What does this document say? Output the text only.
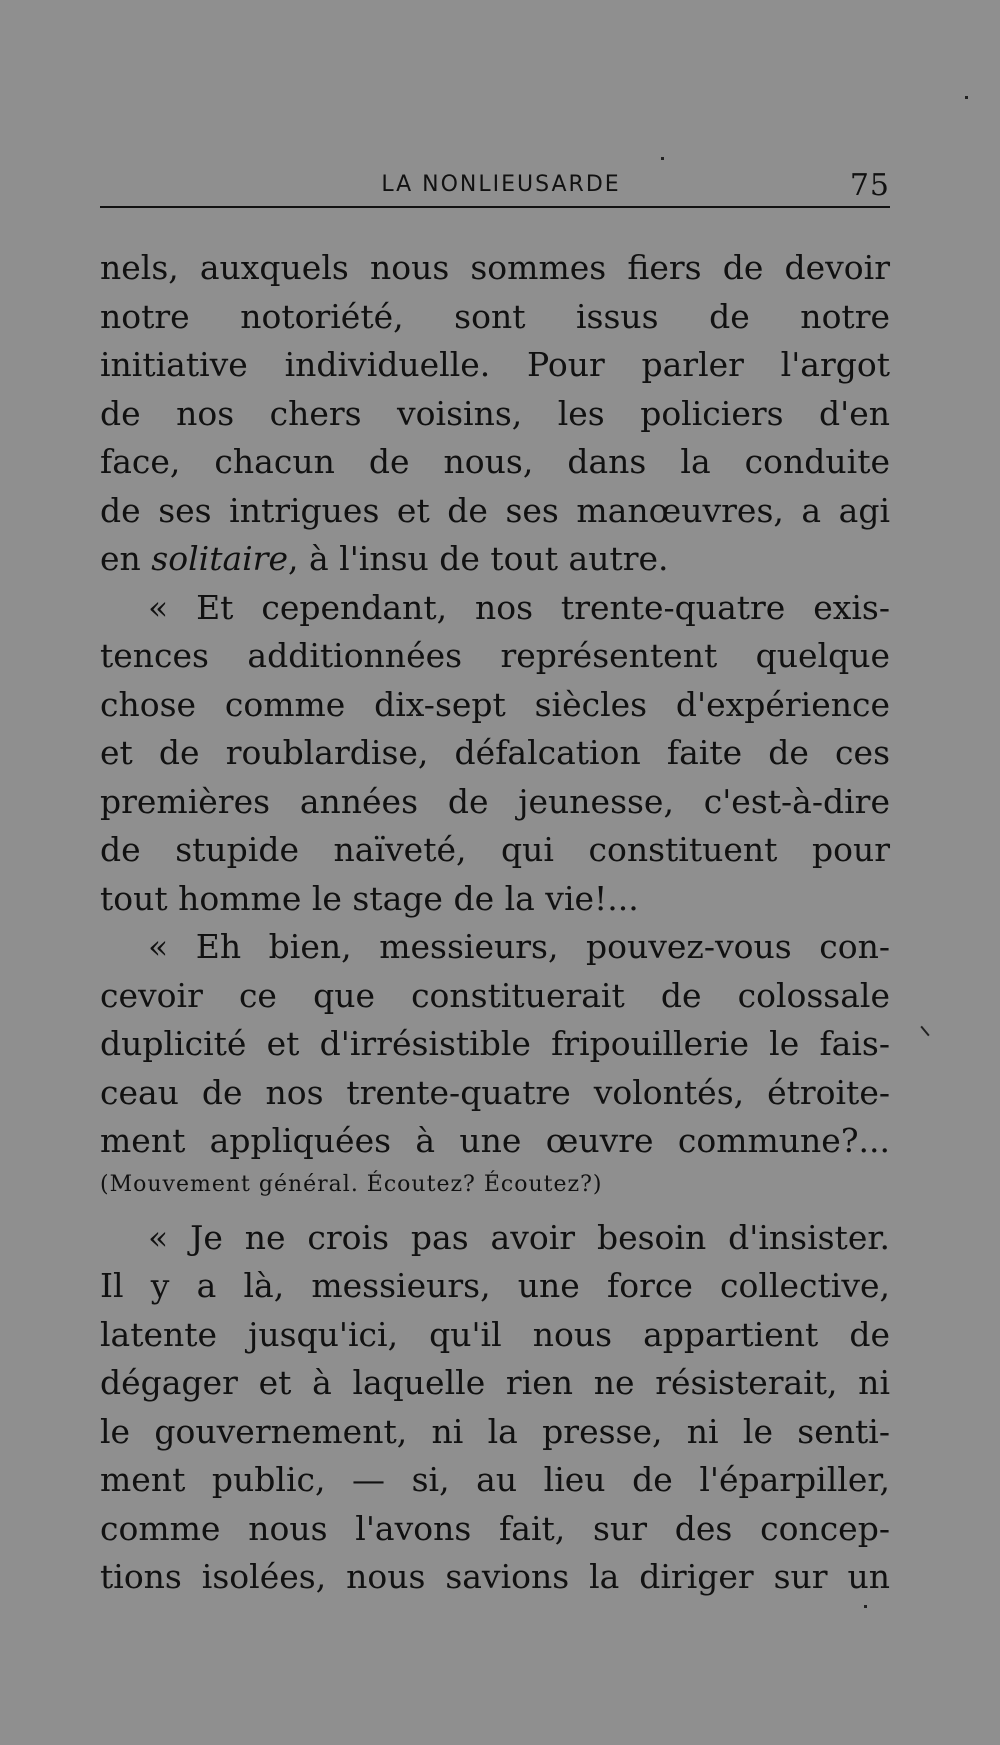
LA NONLIEUSARDE	75
nels, auxquels nous sommes fiers de devoir
notre notoriété, sont issus de notre
initiative individuelle. Pour parler l'argot
de nos chers voisins, les policiers d'en
face, chacun de nous, dans la conduite
de ses intrigues et de ses manœuvres, a agi
en solitaire, à l'insu de tout autre.
« Et cependant, nos trente-quatre exis-
tences additionnées représentent quelque
chose comme dix-sept siècles d'expérience
et de roublardise, défalcation faite de ces
premières années de jeunesse, c'est-à-dire
de stupide naïveté, qui constituent pour
tout homme le stage de la vie!...
« Eh bien, messieurs, pouvez-vous con-
cevoir ce que constituerait de colossale
duplicité et d'irrésistible fripouillerie le fais-
ceau de nos trente-quatre volontés, étroite-
ment appliquées à une œuvre commune?...
(Mouvement général. Écoutez? Écoutez?)
« Je ne crois pas avoir besoin d'insister.
Il y a là, messieurs, une force collective,
latente jusqu'ici, qu'il nous appartient de
dégager et à laquelle rien ne résisterait, ni
le gouvernement, ni la presse, ni le senti-
ment public, — si, au lieu de l'éparpiller,
comme nous l'avons fait, sur des concep-
tions isolées, nous savions la diriger sur un
